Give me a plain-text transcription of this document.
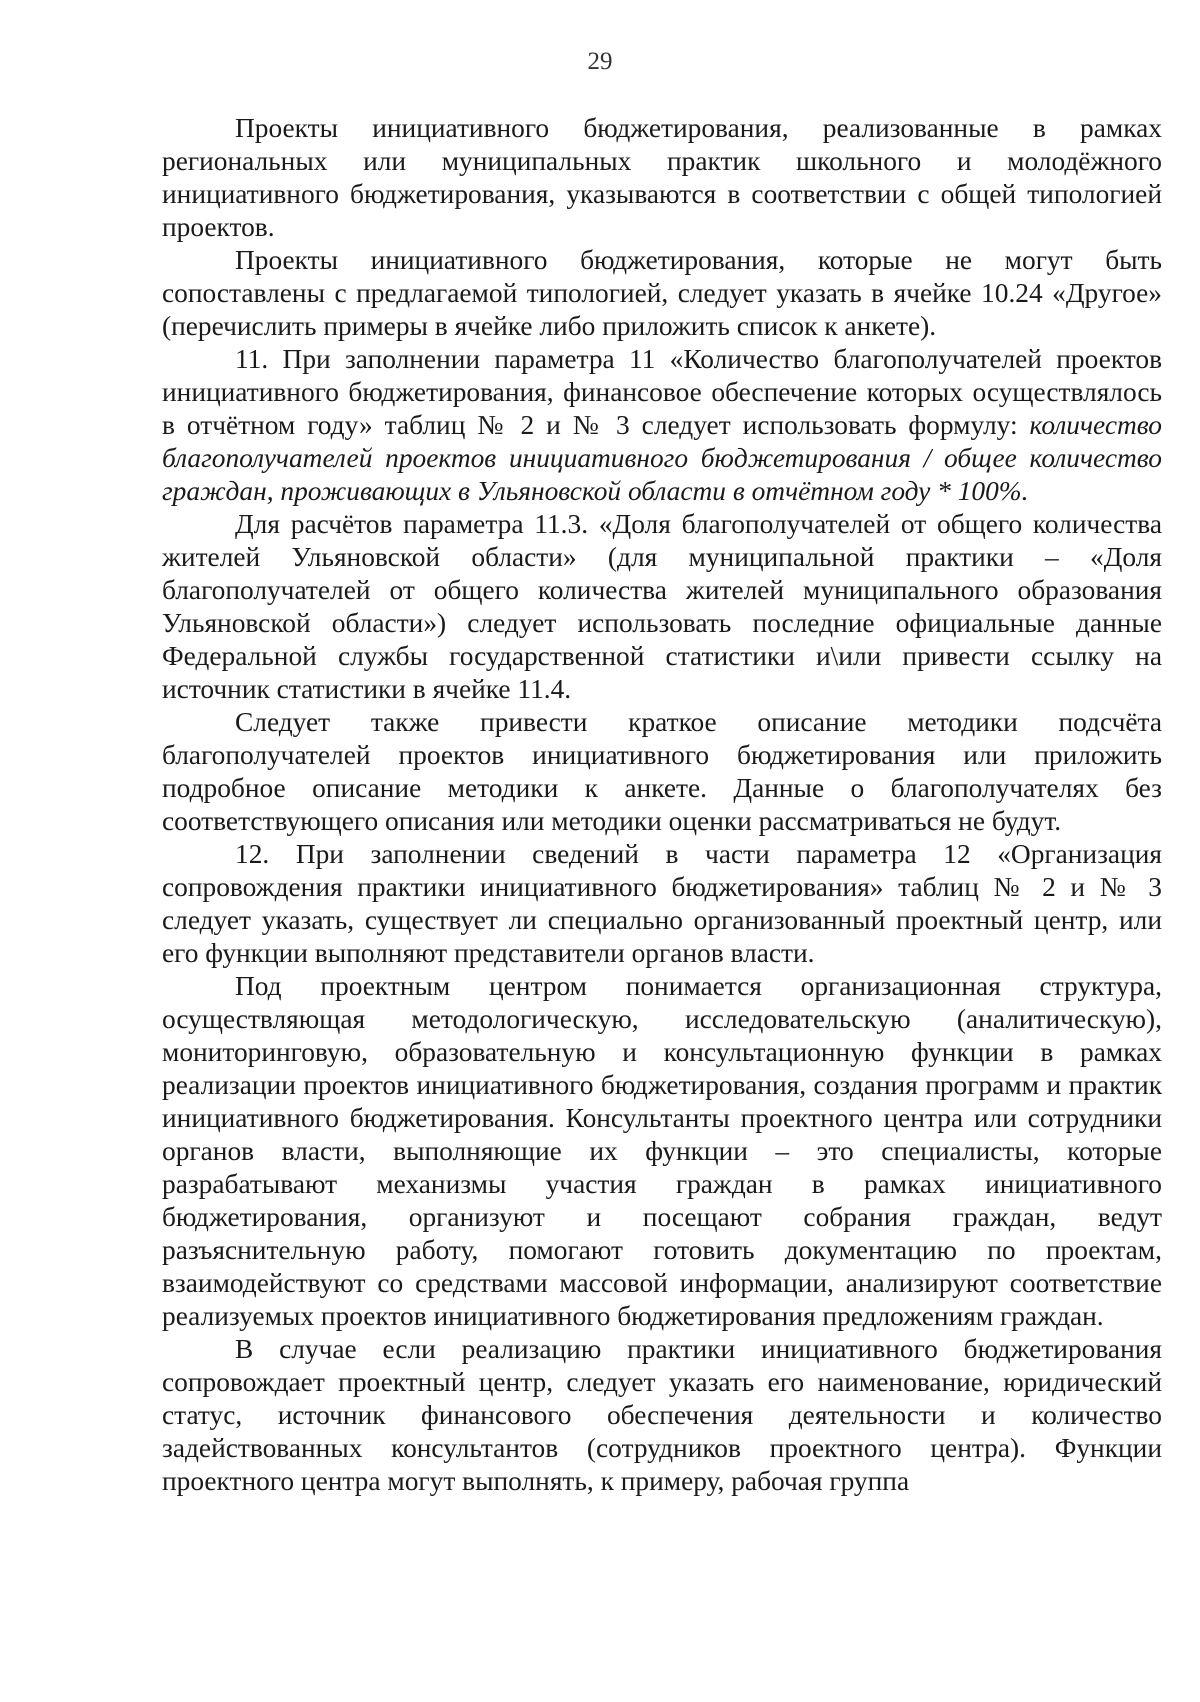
29

Проекты инициативного бюджетирования, реализованные в рамках региональных или муниципальных практик школьного и молодёжного инициативного бюджетирования, указываются в соответствии с общей типологией проектов.

Проекты инициативного бюджетирования, которые не могут быть сопоставлены с предлагаемой типологией, следует указать в ячейке 10.24 «Другое» (перечислить примеры в ячейке либо приложить список к анкете).

11. При заполнении параметра 11 «Количество благополучателей проектов инициативного бюджетирования, финансовое обеспечение которых осуществлялось в отчётном году» таблиц № 2 и № 3 следует использовать формулу: количество благополучателей проектов инициативного бюджетирования / общее количество граждан, проживающих в Ульяновской области в отчётном году * 100%.

Для расчётов параметра 11.3. «Доля благополучателей от общего количества жителей Ульяновской области» (для муниципальной практики – «Доля благополучателей от общего количества жителей муниципального образования Ульяновской области») следует использовать последние официальные данные Федеральной службы государственной статистики и\или привести ссылку на источник статистики в ячейке 11.4.

Следует также привести краткое описание методики подсчёта благополучателей проектов инициативного бюджетирования или приложить подробное описание методики к анкете. Данные о благополучателях без соответствующего описания или методики оценки рассматриваться не будут.

12. При заполнении сведений в части параметра 12 «Организация сопровождения практики инициативного бюджетирования» таблиц № 2 и № 3 следует указать, существует ли специально организованный проектный центр, или его функции выполняют представители органов власти.

Под проектным центром понимается организационная структура, осуществляющая методологическую, исследовательскую (аналитическую), мониторинговую, образовательную и консультационную функции в рамках реализации проектов инициативного бюджетирования, создания программ и практик инициативного бюджетирования. Консультанты проектного центра или сотрудники органов власти, выполняющие их функции – это специалисты, которые разрабатывают механизмы участия граждан в рамках инициативного бюджетирования, организуют и посещают собрания граждан, ведут разъяснительную работу, помогают готовить документацию по проектам, взаимодействуют со средствами массовой информации, анализируют соответствие реализуемых проектов инициативного бюджетирования предложениям граждан.

В случае если реализацию практики инициативного бюджетирования сопровождает проектный центр, следует указать его наименование, юридический статус, источник финансового обеспечения деятельности и количество задействованных консультантов (сотрудников проектного центра). Функции проектного центра могут выполнять, к примеру, рабочая группа
